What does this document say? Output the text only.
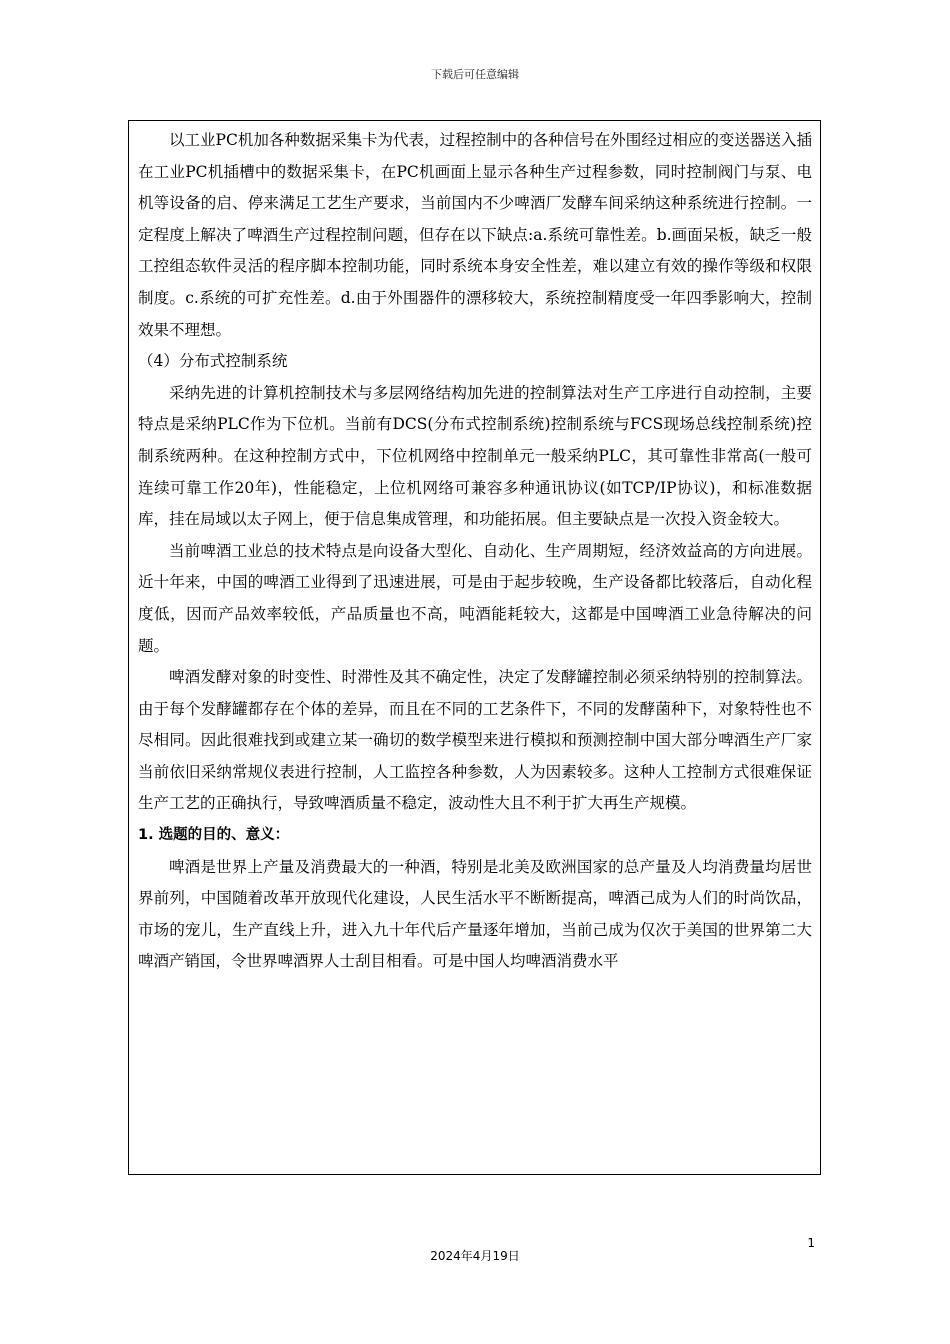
下载后可任意编辑

以工业PC机加各种数据采集卡为代表，过程控制中的各种信号在外围经过相应的变送器送入插在工业PC机插槽中的数据采集卡，在PC机画面上显示各种生产过程参数，同时控制阀门与泵、电机等设备的启、停来满足工艺生产要求，当前国内不少啤酒厂发酵车间采纳这种系统进行控制。一定程度上解决了啤酒生产过程控制问题，但存在以下缺点:a.系统可靠性差。b.画面呆板，缺乏一般工控组态软件灵活的程序脚本控制功能，同时系统本身安全性差，难以建立有效的操作等级和权限制度。c.系统的可扩充性差。d.由于外围器件的漂移较大，系统控制精度受一年四季影响大，控制效果不理想。

（4）分布式控制系统

采纳先进的计算机控制技术与多层网络结构加先进的控制算法对生产工序进行自动控制，主要特点是采纳PLC作为下位机。当前有DCS(分布式控制系统)控制系统与FCS现场总线控制系统)控制系统两种。在这种控制方式中，下位机网络中控制单元一般采纳PLC，其可靠性非常高(一般可连续可靠工作20年)，性能稳定，上位机网络可兼容多种通讯协议(如TCP/IP协议)，和标准数据库，挂在局域以太子网上，便于信息集成管理，和功能拓展。但主要缺点是一次投入资金较大。

当前啤酒工业总的技术特点是向设备大型化、自动化、生产周期短，经济效益高的方向进展。近十年来，中国的啤酒工业得到了迅速进展，可是由于起步较晚，生产设备都比较落后，自动化程度低，因而产品效率较低，产品质量也不高，吨酒能耗较大，这都是中国啤酒工业急待解决的问题。

啤酒发酵对象的时变性、时滞性及其不确定性，决定了发酵罐控制必须采纳特别的控制算法。由于每个发酵罐都存在个体的差异，而且在不同的工艺条件下，不同的发酵菌种下，对象特性也不尽相同。因此很难找到或建立某一确切的数学模型来进行模拟和预测控制中国大部分啤酒生产厂家当前依旧采纳常规仪表进行控制，人工监控各种参数，人为因素较多。这种人工控制方式很难保证生产工艺的正确执行，导致啤酒质量不稳定，波动性大且不利于扩大再生产规模。

1. 选题的目的、意义：

啤酒是世界上产量及消费最大的一种酒，特别是北美及欧洲国家的总产量及人均消费量均居世界前列，中国随着改革开放现代化建设，人民生活水平不断断提高，啤酒己成为人们的时尚饮品，市场的宠儿，生产直线上升，进入九十年代后产量逐年增加，当前己成为仅次于美国的世界第二大啤酒产销国，令世界啤酒界人士刮目相看。可是中国人均啤酒消费水平

1
2024年4月19日
